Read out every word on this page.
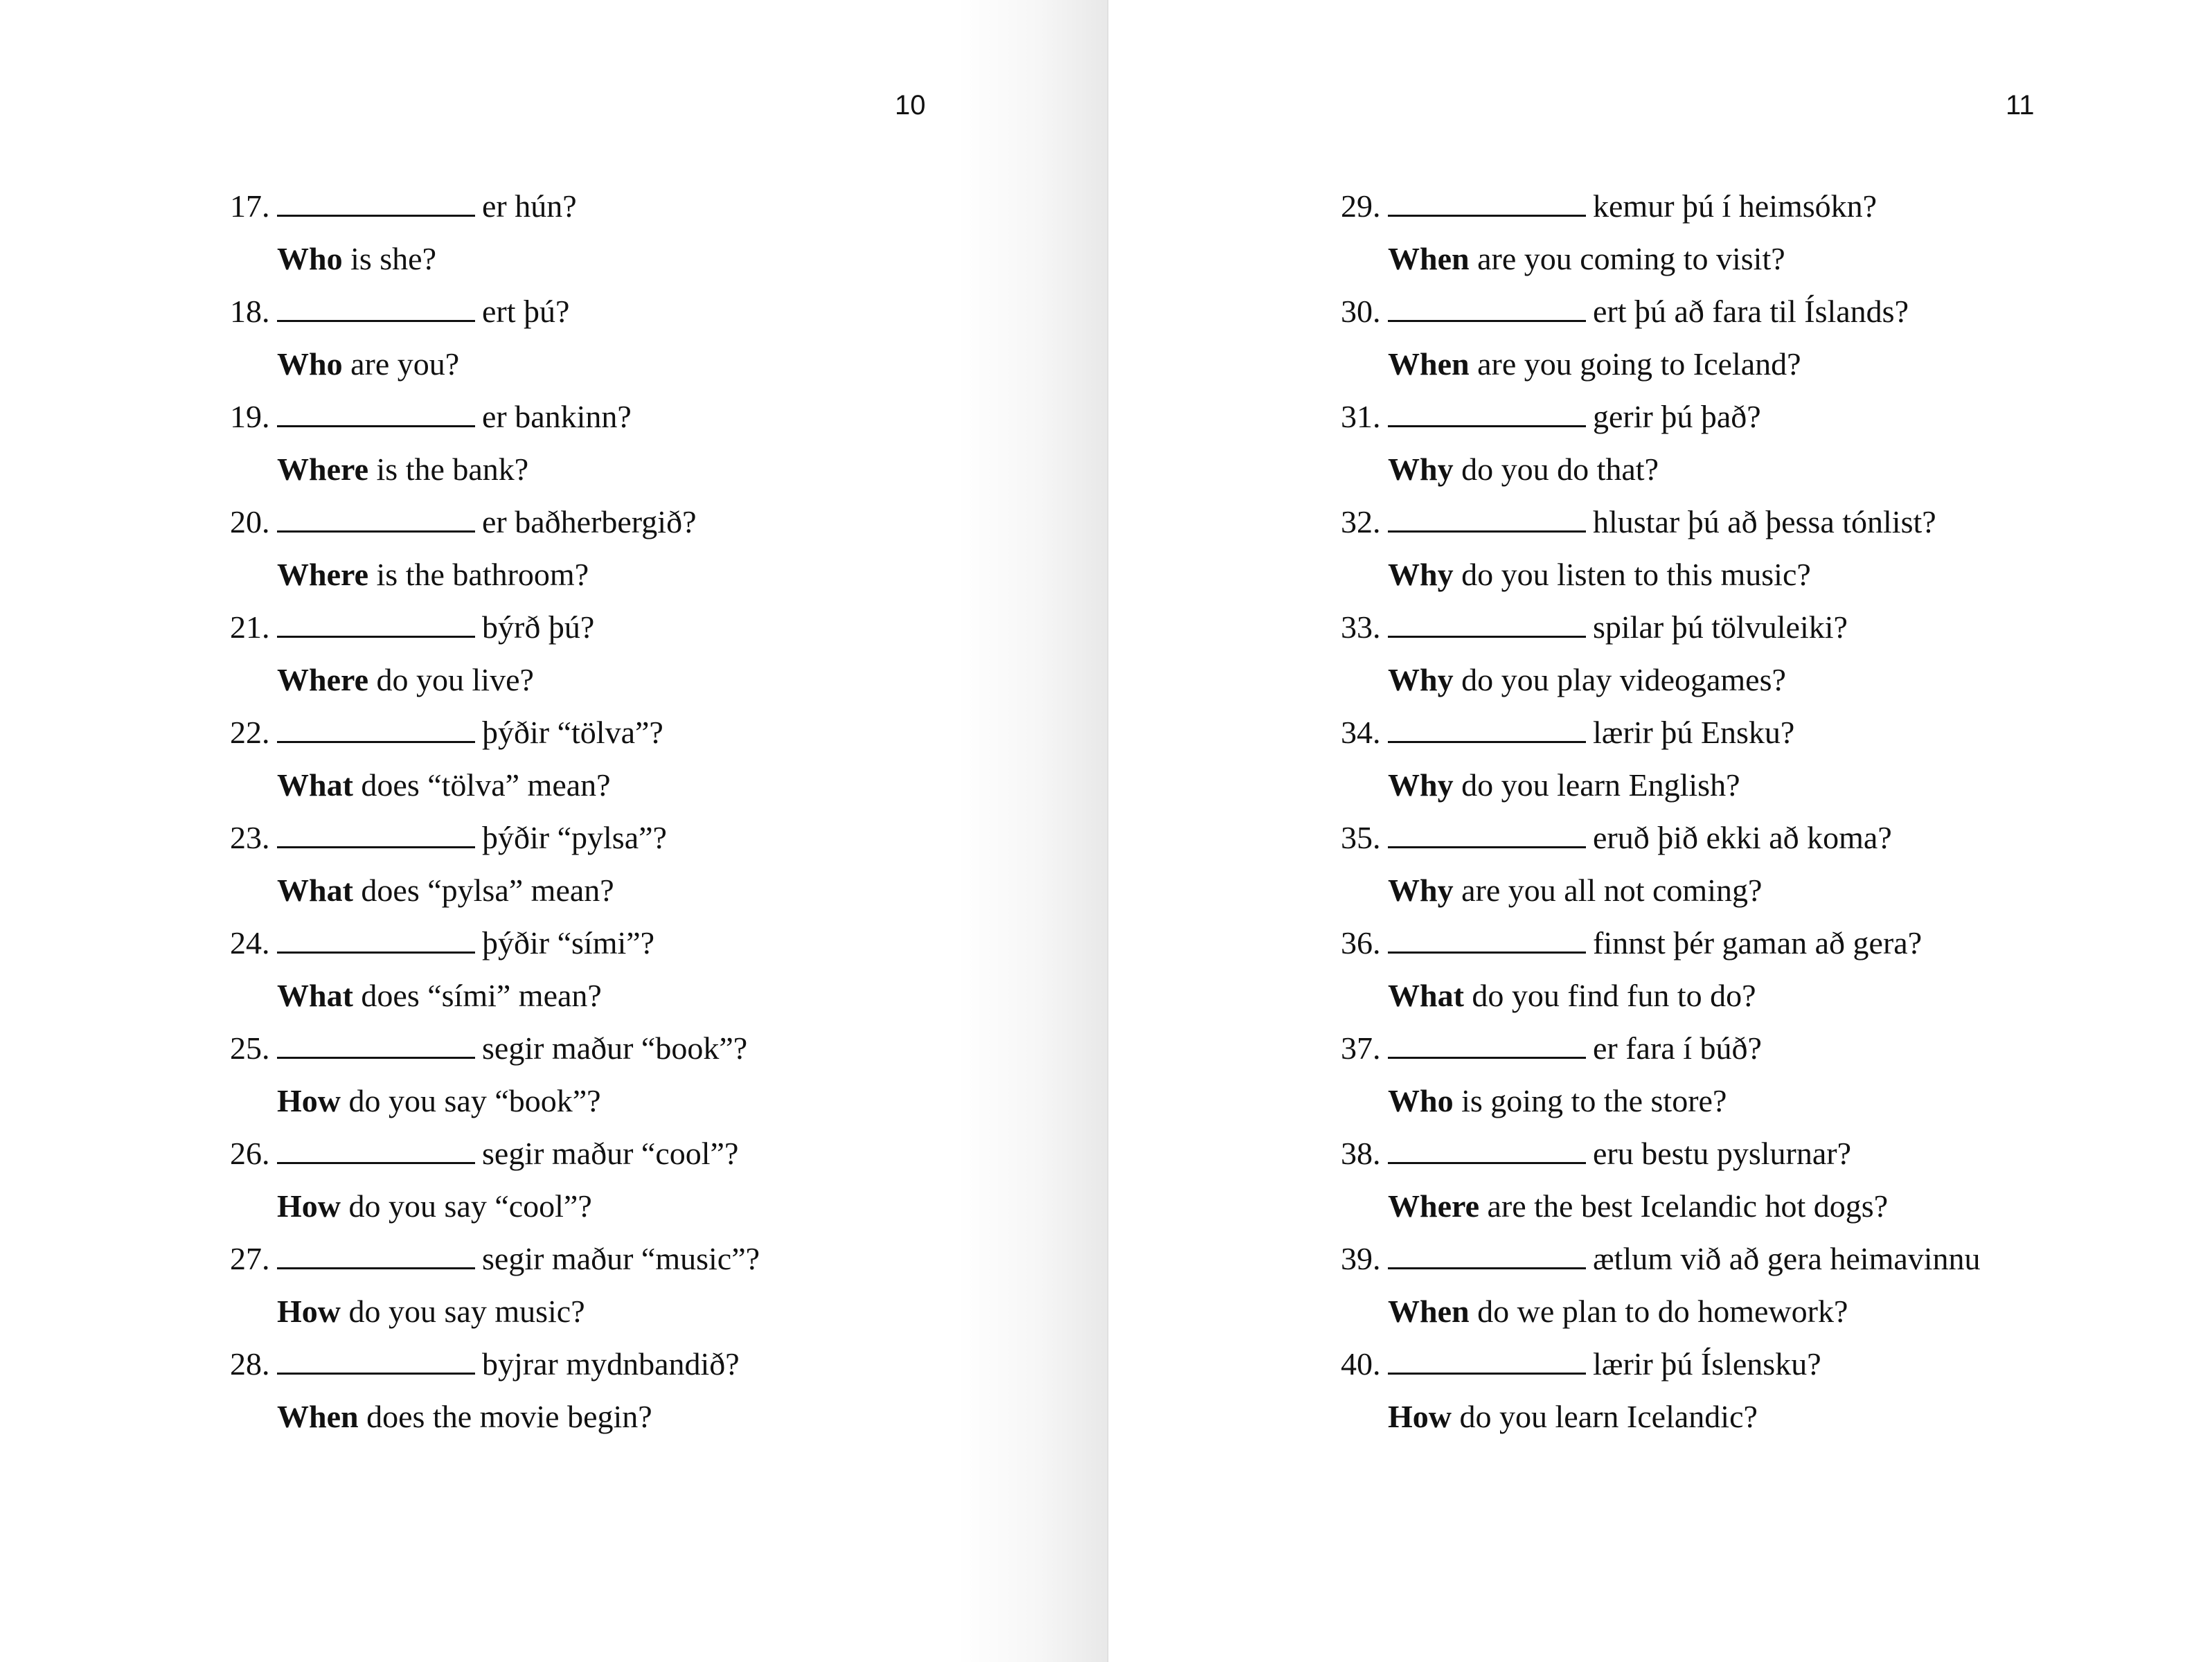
10
17.	er hún?
Who is she?
18.	ert þú?
Who are you?
19.	er bankinn?
Where is the bank?
20.	er baðherbergið?
Where is the bathroom?
21.	býrð þú?
Where do you live?
22.	þýðir “tölva”?
What does “tölva” mean?
23.	þýðir “pylsa”?
What does “pylsa” mean?
24.	þýðir “sími”?
What does “sími” mean?
25.	segir maður “book”?
How do you say “book”?
26.	segir maður “cool”?
How do you say “cool”?
27.	segir maður “music”?
How do you say music?
28.	byjrar mydnbandið?
When does the movie begin?
11
29.	kemur þú í heimsókn?
When are you coming to visit?
30.	ert þú að fara til Íslands?
When are you going to Iceland?
31.	gerir þú það?
Why do you do that?
32.	hlustar þú að þessa tónlist?
Why do you listen to this music?
33.	spilar þú tölvuleiki?
Why do you play videogames?
34.	lærir þú Ensku?
Why do you learn English?
35.	eruð þið ekki að koma?
Why are you all not coming?
36.	finnst þér gaman að gera?
What do you find fun to do?
37.	er fara í búð?
Who is going to the store?
38.	eru bestu pyslurnar?
Where are the best Icelandic hot dogs?
39.	ætlum við að gera heimavinnu
When do we plan to do homework?
40.	lærir þú Íslensku?
How do you learn Icelandic?
